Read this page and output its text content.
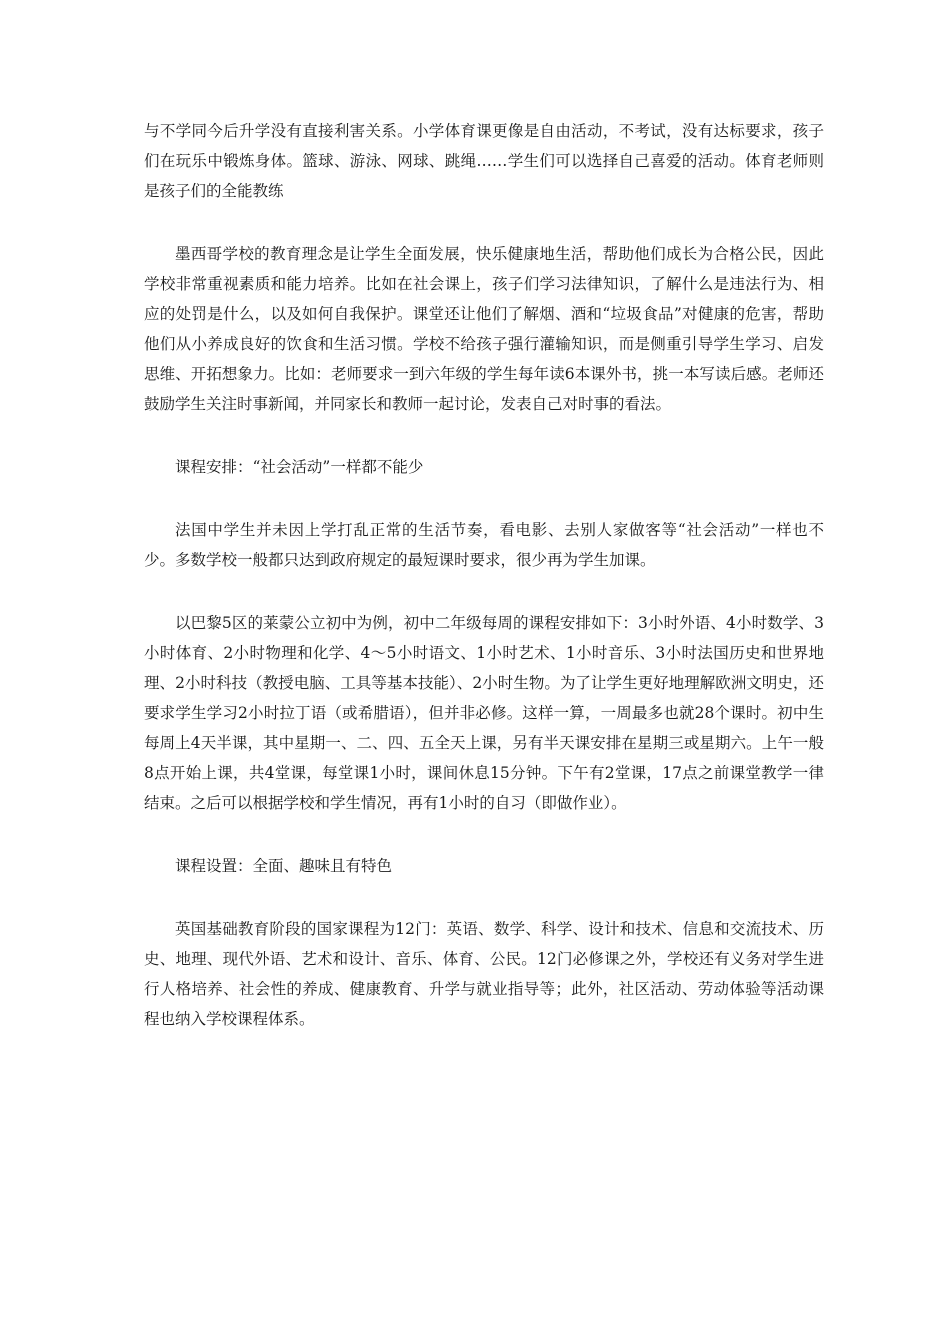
与不学同今后升学没有直接利害关系。小学体育课更像是自由活动，不考试，没有达标要求，孩子们在玩乐中锻炼身体。篮球、游泳、网球、跳绳……学生们可以选择自己喜爱的活动。体育老师则是孩子们的全能教练

墨西哥学校的教育理念是让学生全面发展，快乐健康地生活，帮助他们成长为合格公民，因此学校非常重视素质和能力培养。比如在社会课上，孩子们学习法律知识，了解什么是违法行为、相应的处罚是什么，以及如何自我保护。课堂还让他们了解烟、酒和“垃圾食品”对健康的危害，帮助他们从小养成良好的饮食和生活习惯。学校不给孩子强行灌输知识，而是侧重引导学生学习、启发思维、开拓想象力。比如：老师要求一到六年级的学生每年读6本课外书，挑一本写读后感。老师还鼓励学生关注时事新闻，并同家长和教师一起讨论，发表自己对时事的看法。

课程安排：“社会活动”一样都不能少

法国中学生并未因上学打乱正常的生活节奏，看电影、去别人家做客等“社会活动”一样也不少。多数学校一般都只达到政府规定的最短课时要求，很少再为学生加课。

以巴黎5区的莱蒙公立初中为例，初中二年级每周的课程安排如下：3小时外语、4小时数学、3小时体育、2小时物理和化学、4～5小时语文、1小时艺术、1小时音乐、3小时法国历史和世界地理、2小时科技（教授电脑、工具等基本技能）、2小时生物。为了让学生更好地理解欧洲文明史，还要求学生学习2小时拉丁语（或希腊语），但并非必修。这样一算，一周最多也就28个课时。初中生每周上4天半课，其中星期一、二、四、五全天上课，另有半天课安排在星期三或星期六。上午一般8点开始上课，共4堂课，每堂课1小时，课间休息15分钟。下午有2堂课，17点之前课堂教学一律结束。之后可以根据学校和学生情况，再有1小时的自习（即做作业）。

课程设置：全面、趣味且有特色

英国基础教育阶段的国家课程为12门：英语、数学、科学、设计和技术、信息和交流技术、历史、地理、现代外语、艺术和设计、音乐、体育、公民。12门必修课之外，学校还有义务对学生进行人格培养、社会性的养成、健康教育、升学与就业指导等；此外，社区活动、劳动体验等活动课程也纳入学校课程体系。
